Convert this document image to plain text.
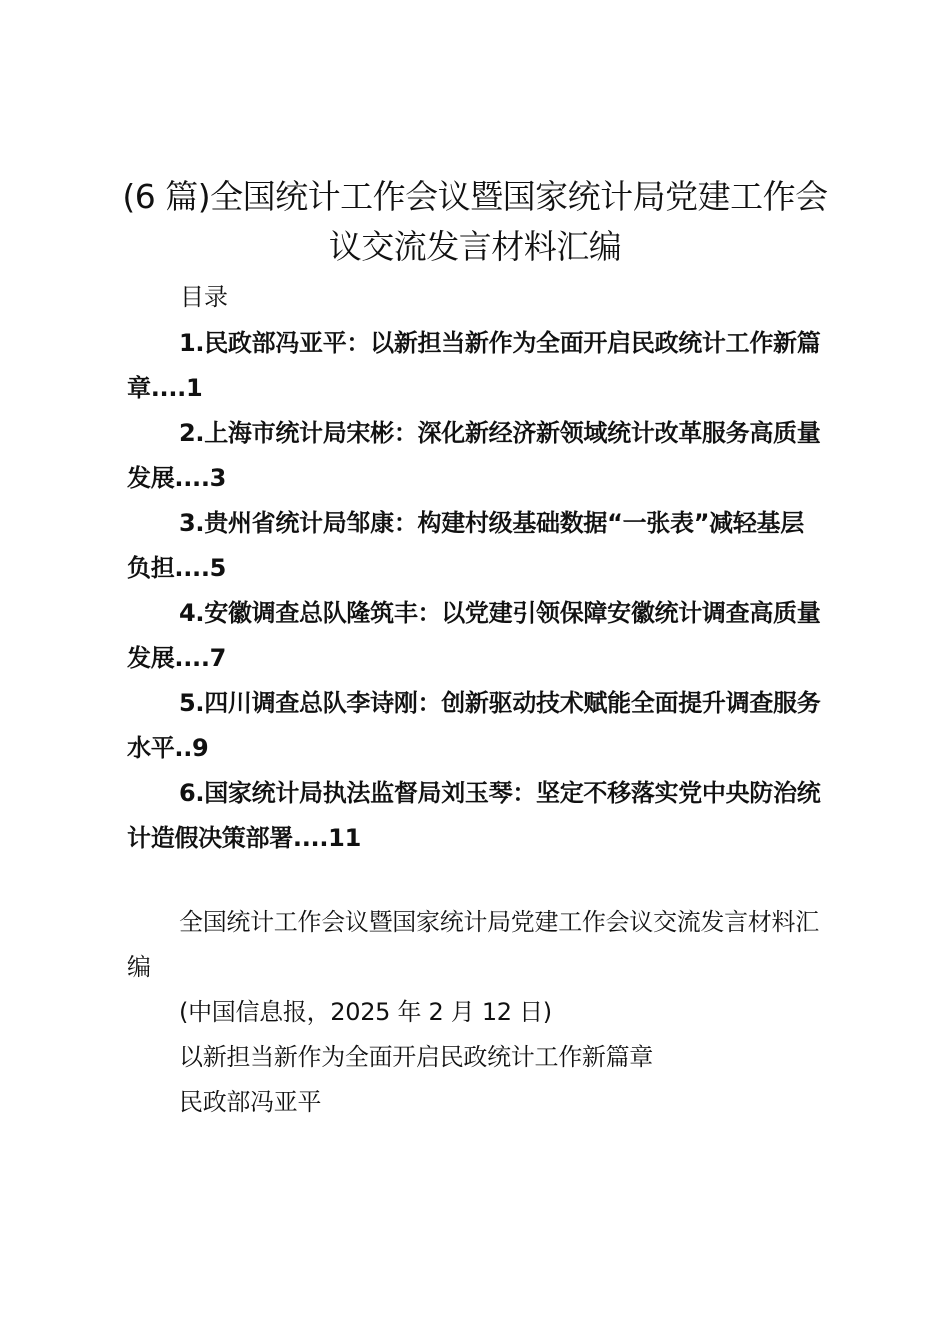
(6 篇)全国统计工作会议暨国家统计局党建工作会议交流发言材料汇编
目录

1.民政部冯亚平：以新担当新作为全面开启民政统计工作新篇章....1

2.上海市统计局宋彬：深化新经济新领域统计改革服务高质量发展....3

3.贵州省统计局邹康：构建村级基础数据“一张表”减轻基层负担....5

4.安徽调查总队隆筑丰：以党建引领保障安徽统计调查高质量发展....7

5.四川调查总队李诗刚：创新驱动技术赋能全面提升调查服务水平..9

6.国家统计局执法监督局刘玉琴：坚定不移落实党中央防治统计造假决策部署....11

全国统计工作会议暨国家统计局党建工作会议交流发言材料汇编

(中国信息报，2025 年 2 月 12 日)

以新担当新作为全面开启民政统计工作新篇章

民政部冯亚平
